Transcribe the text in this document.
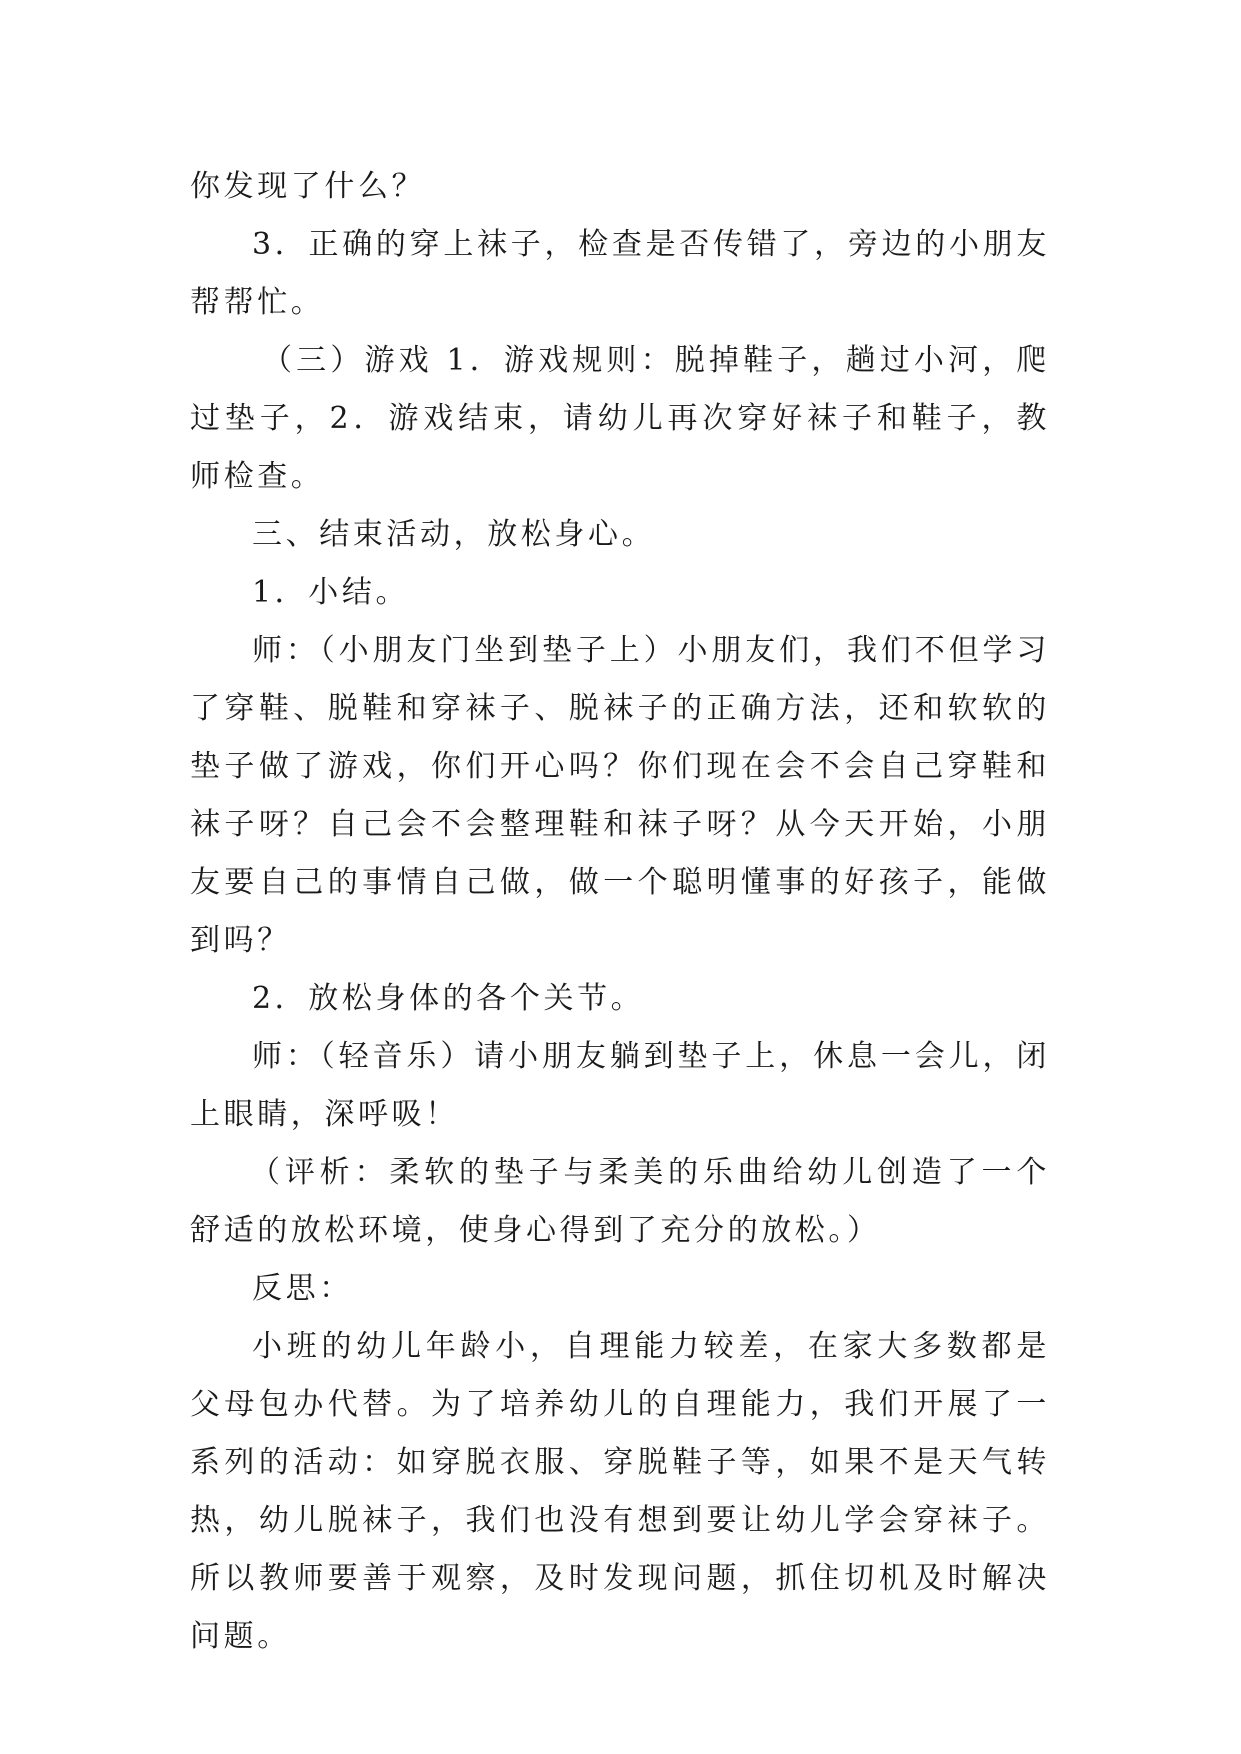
你发现了什么？

3．正确的穿上袜子，检查是否传错了，旁边的小朋友帮帮忙。

（三）游戏 1．游戏规则：脱掉鞋子，趟过小河，爬过垫子，2．游戏结束，请幼儿再次穿好袜子和鞋子，教师检查。

三、结束活动，放松身心。

1．小结。

师：（小朋友门坐到垫子上）小朋友们，我们不但学习了穿鞋、脱鞋和穿袜子、脱袜子的正确方法，还和软软的垫子做了游戏，你们开心吗？你们现在会不会自己穿鞋和袜子呀？自己会不会整理鞋和袜子呀？从今天开始，小朋友要自己的事情自己做，做一个聪明懂事的好孩子，能做到吗？

2．放松身体的各个关节。

师：（轻音乐）请小朋友躺到垫子上，休息一会儿，闭上眼睛，深呼吸！

（评析：柔软的垫子与柔美的乐曲给幼儿创造了一个舒适的放松环境，使身心得到了充分的放松。）

反思：

小班的幼儿年龄小，自理能力较差，在家大多数都是父母包办代替。为了培养幼儿的自理能力，我们开展了一系列的活动：如穿脱衣服、穿脱鞋子等，如果不是天气转热，幼儿脱袜子，我们也没有想到要让幼儿学会穿袜子。所以教师要善于观察，及时发现问题，抓住切机及时解决问题。
